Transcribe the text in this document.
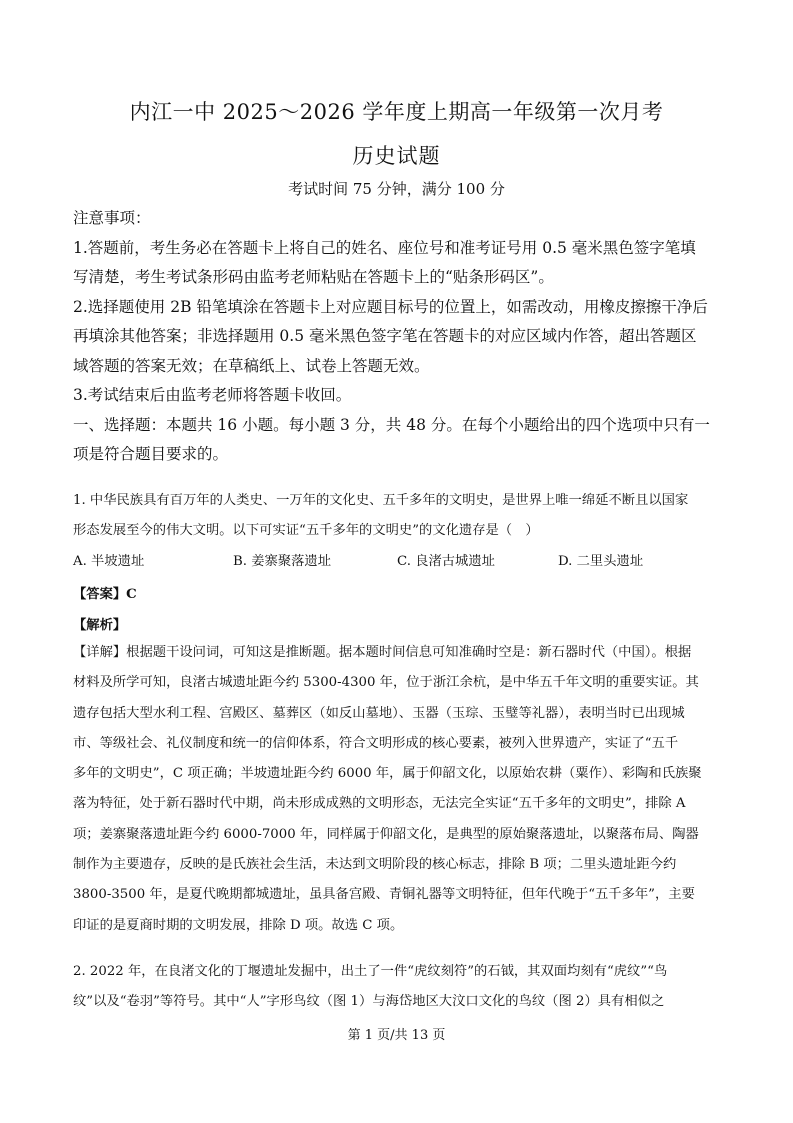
内江一中 2025～2026 学年度上期高一年级第一次月考
历史试题
考试时间 75 分钟，满分 100 分

注意事项：

1.答题前，考生务必在答题卡上将自己的姓名、座位号和准考证号用 0.5 毫米黑色签字笔填

写清楚，考生考试条形码由监考老师粘贴在答题卡上的“贴条形码区”。

2.选择题使用 2B 铅笔填涂在答题卡上对应题目标号的位置上，如需改动，用橡皮擦擦干净后

再填涂其他答案；非选择题用 0.5 毫米黑色签字笔在答题卡的对应区域内作答，超出答题区

域答题的答案无效；在草稿纸上、试卷上答题无效。

3.考试结束后由监考老师将答题卡收回。

一、选择题：本题共 16 小题。每小题 3 分，共 48 分。在每个小题给出的四个选项中只有一

项是符合题目要求的。

1. 中华民族具有百万年的人类史、一万年的文化史、五千多年的文明史，是世界上唯一绵延不断且以国家

形态发展至今的伟大文明。以下可实证“五千多年的文明史”的文化遗存是（　）

A. 半坡遗址	B. 姜寨聚落遗址	C. 良渚古城遗址	D. 二里头遗址
【答案】C
【解析】

【详解】根据题干设问词，可知这是推断题。据本题时间信息可知准确时空是：新石器时代（中国）。根据

材料及所学可知，良渚古城遗址距今约 5300-4300 年，位于浙江余杭，是中华五千年文明的重要实证。其

遗存包括大型水利工程、宫殿区、墓葬区（如反山墓地）、玉器（玉琮、玉璧等礼器），表明当时已出现城

市、等级社会、礼仪制度和统一的信仰体系，符合文明形成的核心要素，被列入世界遗产，实证了“五千

多年的文明史”，C 项正确；半坡遗址距今约 6000 年，属于仰韶文化，以原始农耕（粟作）、彩陶和氏族聚

落为特征，处于新石器时代中期，尚未形成成熟的文明形态，无法完全实证“五千多年的文明史”，排除 A

项；姜寨聚落遗址距今约 6000-7000 年，同样属于仰韶文化，是典型的原始聚落遗址，以聚落布局、陶器

制作为主要遗存，反映的是氏族社会生活，未达到文明阶段的核心标志，排除 B 项；二里头遗址距今约

3800-3500 年，是夏代晚期都城遗址，虽具备宫殿、青铜礼器等文明特征，但年代晚于“五千多年”，主要

印证的是夏商时期的文明发展，排除 D 项。故选 C 项。

2. 2022 年，在良渚文化的丁堰遗址发掘中，出土了一件“虎纹刻符”的石钺，其双面均刻有“虎纹”“鸟

纹”以及“卷羽”等符号。其中“人”字形鸟纹（图 1）与海岱地区大汶口文化的鸟纹（图 2）具有相似之

第 1 页/共 13 页
